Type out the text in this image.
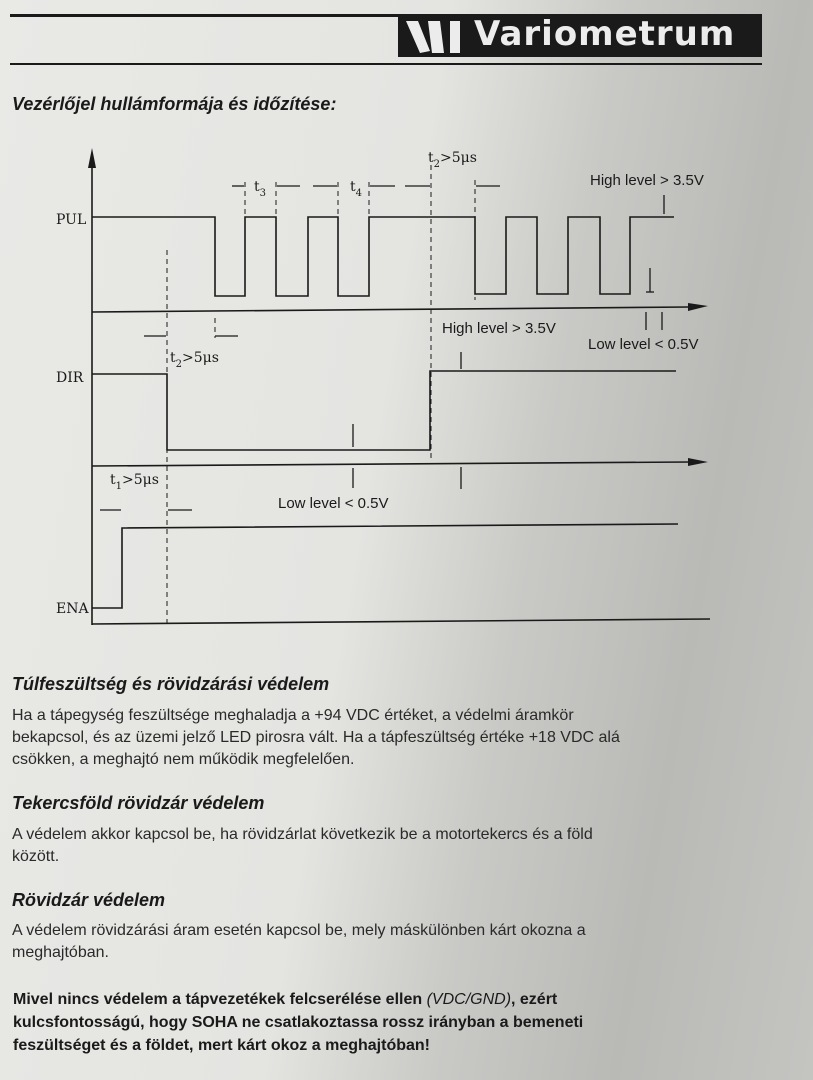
Variometrum
Vezérlőjel hullámformája és időzítése:
PUL
DIR
ENA
$t_3$	$t_4$
$t_2>5\mu s$
$t_2>5\mu s$
$t_1>5\mu s$
High level > 3.5V
Low level < 0.5V
High level > 3.5V
Low level < 0.5V
Túlfeszültség és rövidzárási védelem
Ha a tápegység feszültsége meghaladja a +94 VDC értéket, a védelmi áramkör
bekapcsol, és az üzemi jelző LED pirosra vált. Ha a tápfeszültség értéke +18 VDC alá
csökken, a meghajtó nem működik megfelelően.
Tekercsföld rövidzár védelem
A védelem akkor kapcsol be, ha rövidzárlat következik be a motortekercs és a föld
között.
Rövidzár védelem
A védelem rövidzárási áram esetén kapcsol be, mely máskülönben kárt okozna a
meghajtóban.
Mivel nincs védelem a tápvezetékek felcserélése ellen (VDC/GND), ezért
kulcsfontosságú, hogy SOHA ne csatlakoztassa rossz irányban a bemeneti
feszültséget és a földet, mert kárt okoz a meghajtóban!
